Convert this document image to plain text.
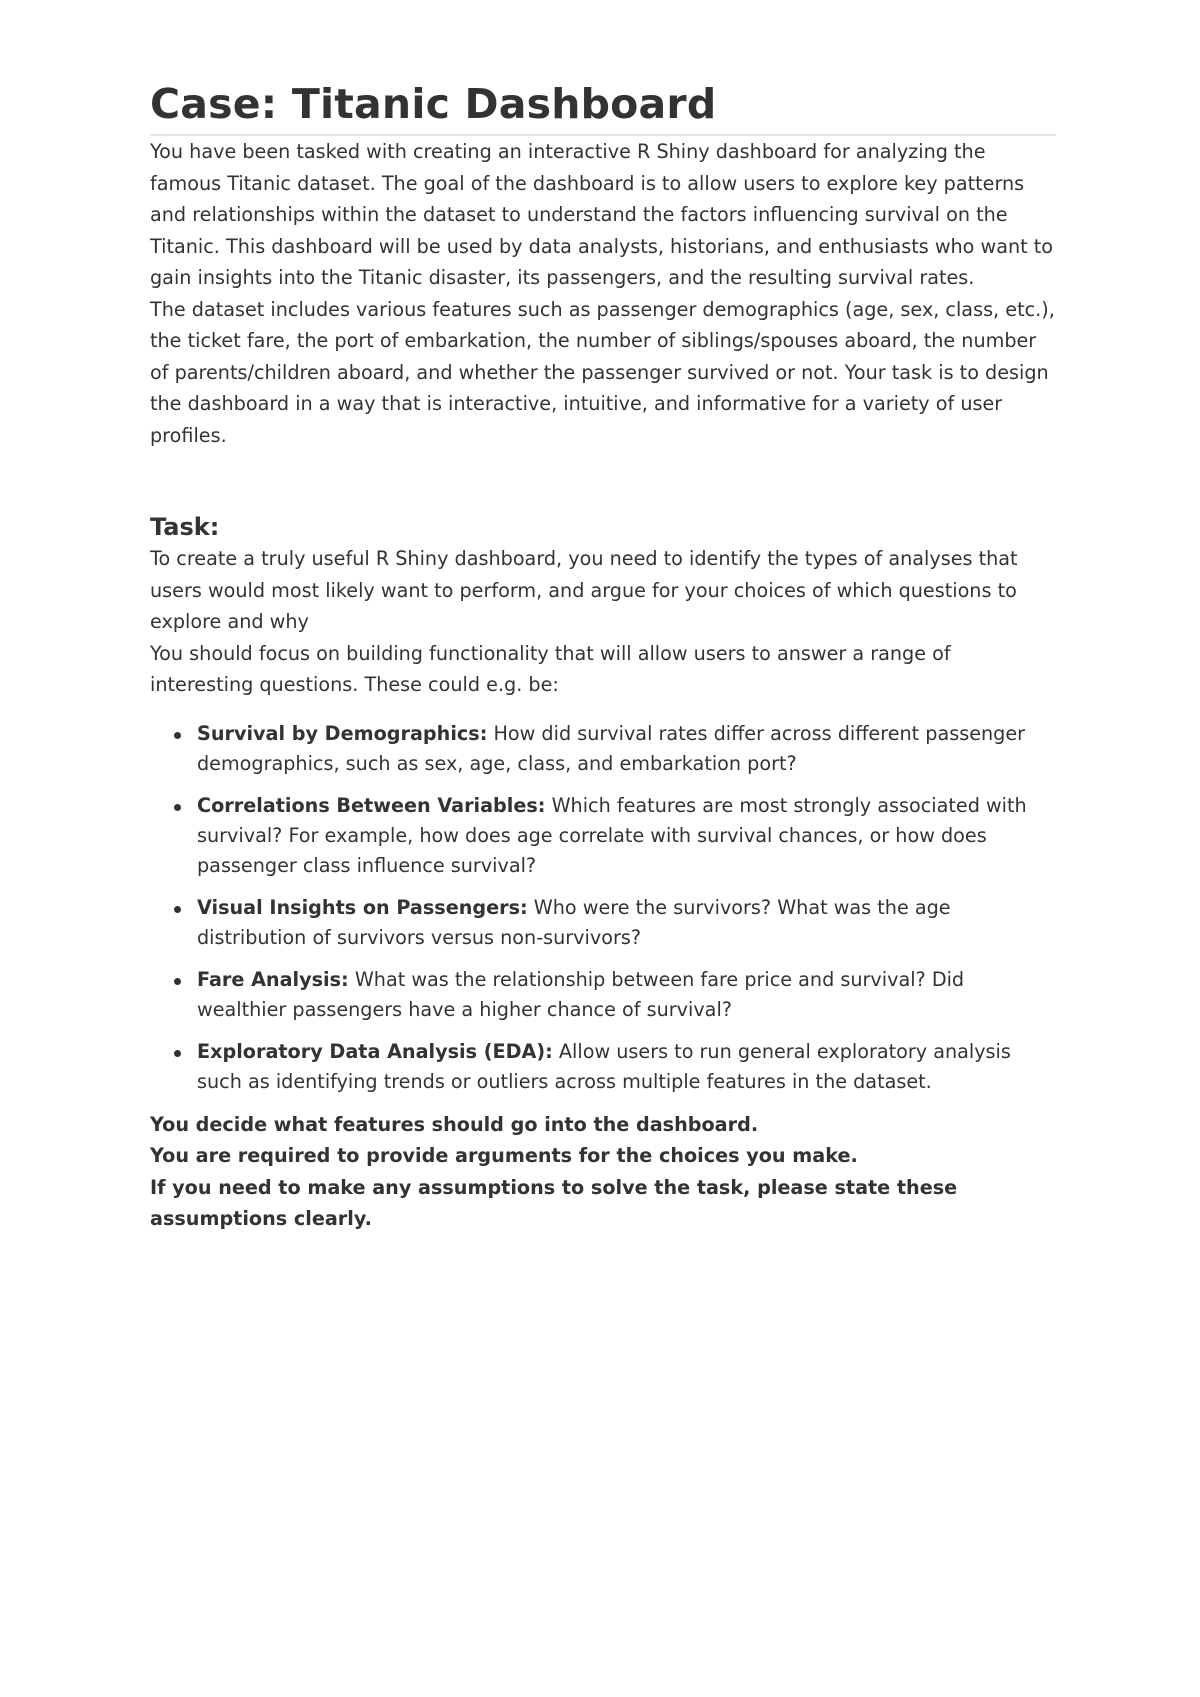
Case: Titanic Dashboard

You have been tasked with creating an interactive R Shiny dashboard for analyzing the famous Titanic dataset. The goal of the dashboard is to allow users to explore key patterns and relationships within the dataset to understand the factors influencing survival on the Titanic. This dashboard will be used by data analysts, historians, and enthusiasts who want to gain insights into the Titanic disaster, its passengers, and the resulting survival rates.

The dataset includes various features such as passenger demographics (age, sex, class, etc.), the ticket fare, the port of embarkation, the number of siblings/spouses aboard, the number of parents/children aboard, and whether the passenger survived or not. Your task is to design the dashboard in a way that is interactive, intuitive, and informative for a variety of user profiles.

Task:

To create a truly useful R Shiny dashboard, you need to identify the types of analyses that users would most likely want to perform, and argue for your choices of which questions to explore and why

You should focus on building functionality that will allow users to answer a range of interesting questions. These could e.g. be:

Survival by Demographics: How did survival rates differ across different passenger demographics, such as sex, age, class, and embarkation port?
Correlations Between Variables: Which features are most strongly associated with survival? For example, how does age correlate with survival chances, or how does passenger class influence survival?
Visual Insights on Passengers: Who were the survivors? What was the age distribution of survivors versus non-survivors?
Fare Analysis: What was the relationship between fare price and survival? Did wealthier passengers have a higher chance of survival?
Exploratory Data Analysis (EDA): Allow users to run general exploratory analysis such as identifying trends or outliers across multiple features in the dataset.

You decide what features should go into the dashboard.

You are required to provide arguments for the choices you make.

If you need to make any assumptions to solve the task, please state these assumptions clearly.
